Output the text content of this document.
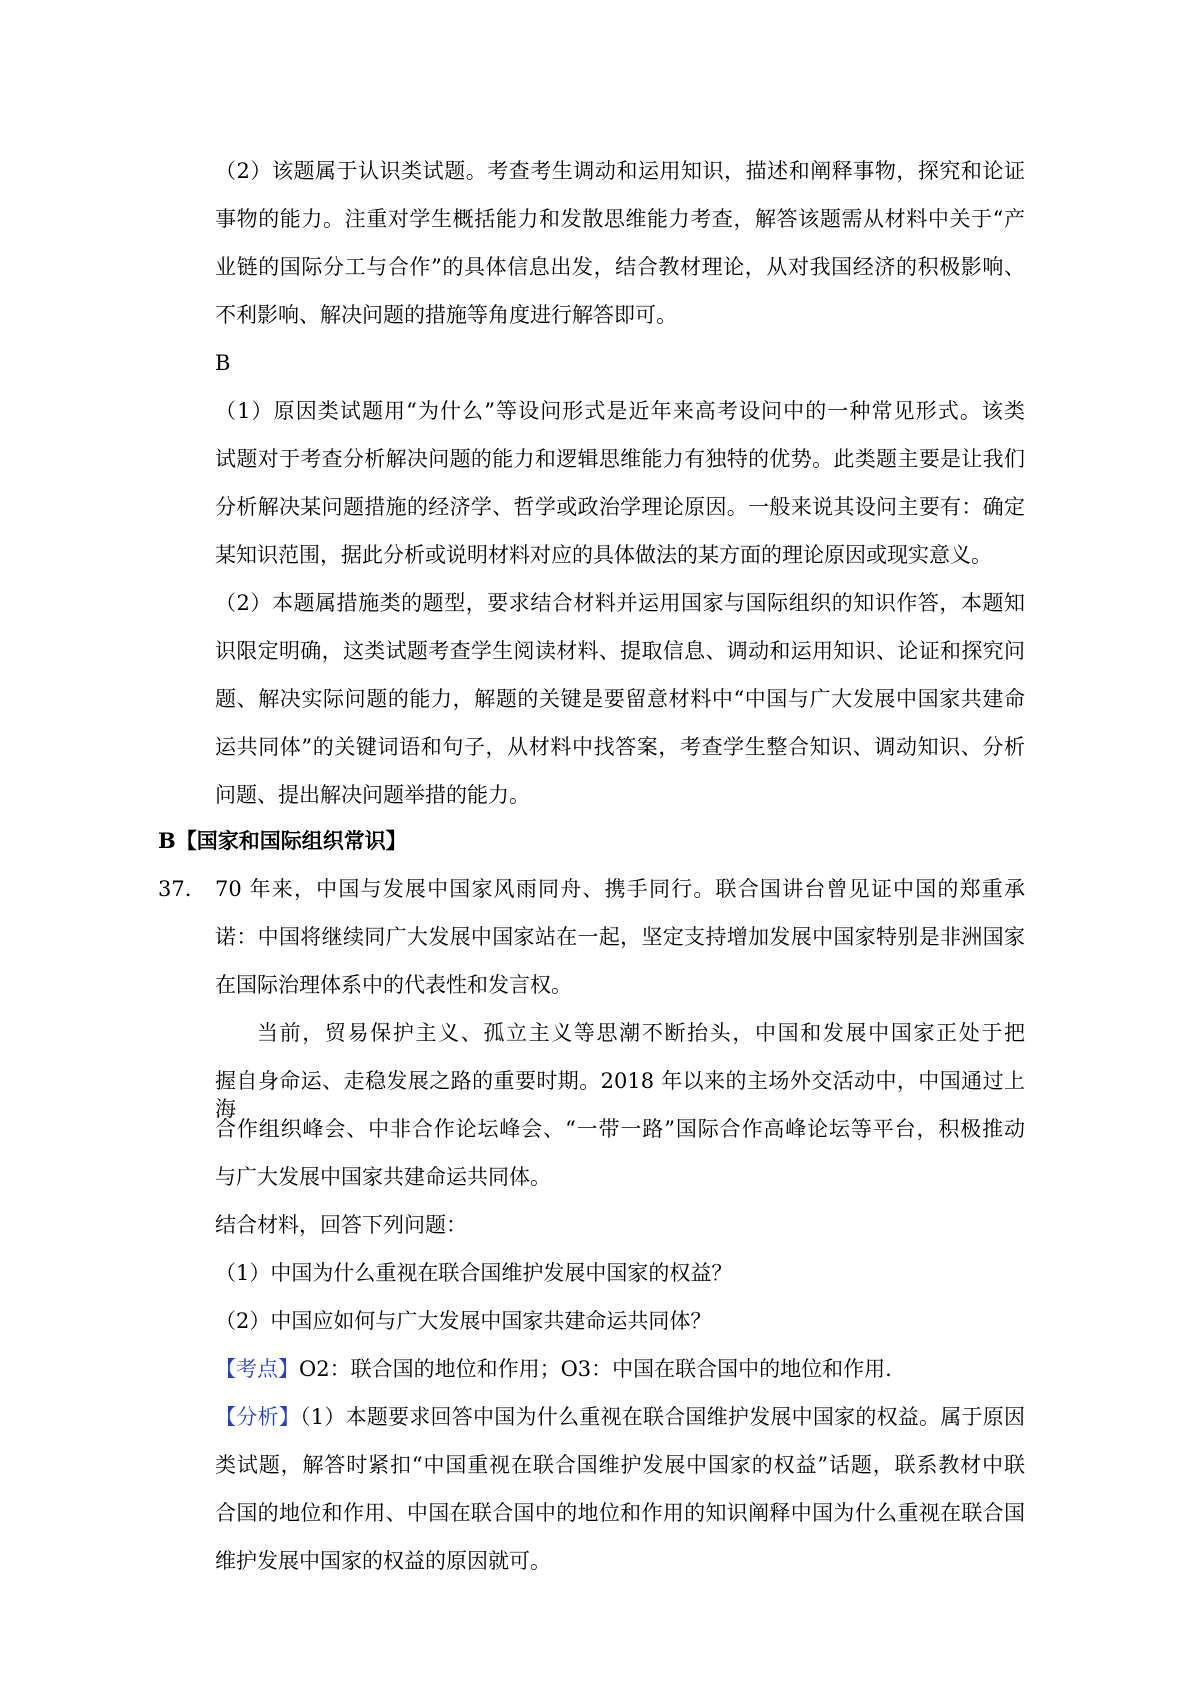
（2）该题属于认识类试题。考查考生调动和运用知识，描述和阐释事物，探究和论证
事物的能力。注重对学生概括能力和发散思维能力考查，解答该题需从材料中关于“产
业链的国际分工与合作”的具体信息出发，结合教材理论，从对我国经济的积极影响、
不利影响、解决问题的措施等角度进行解答即可。
B
（1）原因类试题用“为什么”等设问形式是近年来高考设问中的一种常见形式。该类
试题对于考查分析解决问题的能力和逻辑思维能力有独特的优势。此类题主要是让我们
分析解决某问题措施的经济学、哲学或政治学理论原因。一般来说其设问主要有：确定
某知识范围，据此分析或说明材料对应的具体做法的某方面的理论原因或现实意义。
（2）本题属措施类的题型，要求结合材料并运用国家与国际组织的知识作答，本题知
识限定明确，这类试题考查学生阅读材料、提取信息、调动和运用知识、论证和探究问
题、解决实际问题的能力，解题的关键是要留意材料中“中国与广大发展中国家共建命
运共同体”的关键词语和句子，从材料中找答案，考查学生整合知识、调动知识、分析
问题、提出解决问题举措的能力。
B【国家和国际组织常识】
37. 70 年来，中国与发展中国家风雨同舟、携手同行。联合国讲台曾见证中国的郑重承
诺：中国将继续同广大发展中国家站在一起，坚定支持增加发展中国家特别是非洲国家
在国际治理体系中的代表性和发言权。
当前，贸易保护主义、孤立主义等思潮不断抬头，中国和发展中国家正处于把
握自身命运、走稳发展之路的重要时期。2018 年以来的主场外交活动中，中国通过上海
合作组织峰会、中非合作论坛峰会、“一带一路”国际合作高峰论坛等平台，积极推动
与广大发展中国家共建命运共同体。
结合材料，回答下列问题：
（1）中国为什么重视在联合国维护发展中国家的权益？
（2）中国应如何与广大发展中国家共建命运共同体？
【考点】O2：联合国的地位和作用；O3：中国在联合国中的地位和作用.
【分析】（1）本题要求回答中国为什么重视在联合国维护发展中国家的权益。属于原因
类试题，解答时紧扣“中国重视在联合国维护发展中国家的权益”话题，联系教材中联
合国的地位和作用、中国在联合国中的地位和作用的知识阐释中国为什么重视在联合国
维护发展中国家的权益的原因就可。
